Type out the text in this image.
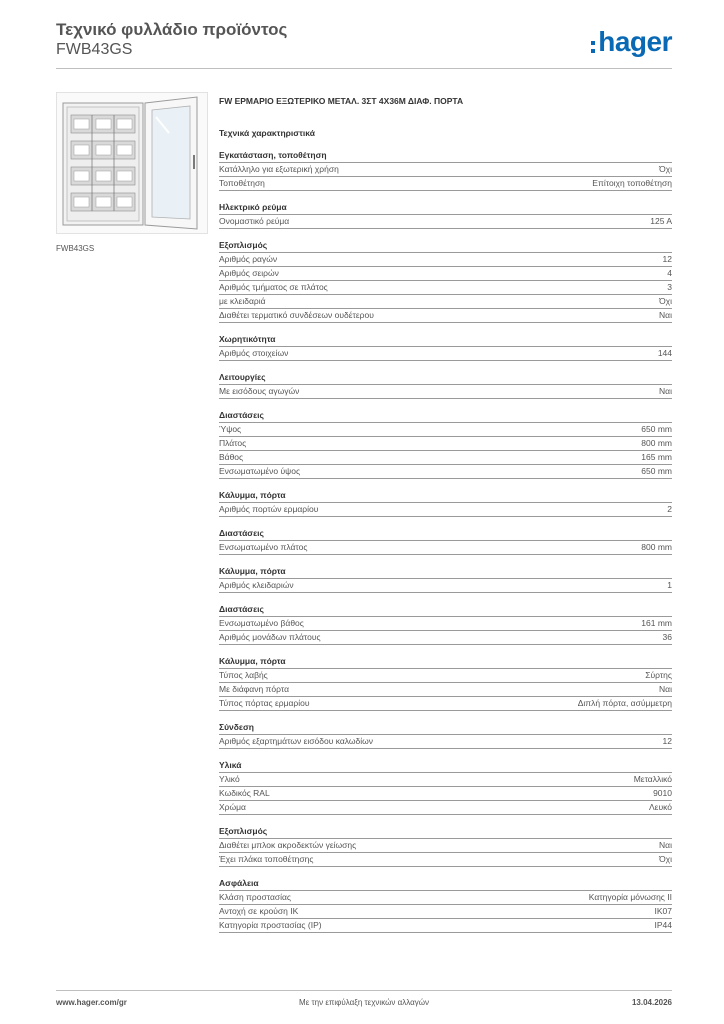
Τεχνικό φυλλάδιο προϊόντος
FWB43GS	hager
FWB43GS
FW ΕΡΜΑΡΙΟ ΕΞΩΤΕΡΙΚΟ ΜΕΤΑΛ. 3ΣΤ 4Χ36Μ ΔΙΑΦ. ΠΟΡΤΑ
Τεχνικά χαρακτηριστικά
Εγκατάσταση, τοποθέτηση
Κατάλληλο για εξωτερική χρήση	Όχι
Τοποθέτηση	Επίτοιχη τοποθέτηση
Ηλεκτρικό ρεύμα
Ονομαστικό ρεύμα	125 A
Εξοπλισμός
Αριθμός ραγών	12
Αριθμός σειρών	4
Αριθμός τμήματος σε πλάτος	3
με κλειδαριά	Όχι
Διαθέτει τερματικό συνδέσεων ουδέτερου	Ναι
Χωρητικότητα
Αριθμός στοιχείων	144
Λειτουργίες
Με εισόδους αγωγών	Ναι
Διαστάσεις
Ύψος	650 mm
Πλάτος	800 mm
Βάθος	165 mm
Ενσωματωμένο ύψος	650 mm
Κάλυμμα, πόρτα
Αριθμός πορτών ερμαρίου	2
Διαστάσεις
Ενσωματωμένο πλάτος	800 mm
Κάλυμμα, πόρτα
Αριθμός κλειδαριών	1
Διαστάσεις
Ενσωματωμένο βάθος	161 mm
Αριθμός μονάδων πλάτους	36
Κάλυμμα, πόρτα
Τύπος λαβής	Σύρτης
Με διάφανη πόρτα	Ναι
Τύπος πόρτας ερμαρίου	Διπλή πόρτα, ασύμμετρη
Σύνδεση
Αριθμός εξαρτημάτων εισόδου καλωδίων	12
Υλικά
Υλικό	Μεταλλικό
Κωδικός RAL	9010
Χρώμα	Λευκό
Εξοπλισμός
Διαθέτει μπλοκ ακροδεκτών γείωσης	Ναι
Έχει πλάκα τοποθέτησης	Όχι
Ασφάλεια
Κλάση προστασίας	Κατηγορία μόνωσης II
Αντοχή σε κρούση IK	IK07
Κατηγορία προστασίας (IP)	IP44
www.hager.com/gr	Με την επιφύλαξη τεχνικών αλλαγών	13.04.2026
